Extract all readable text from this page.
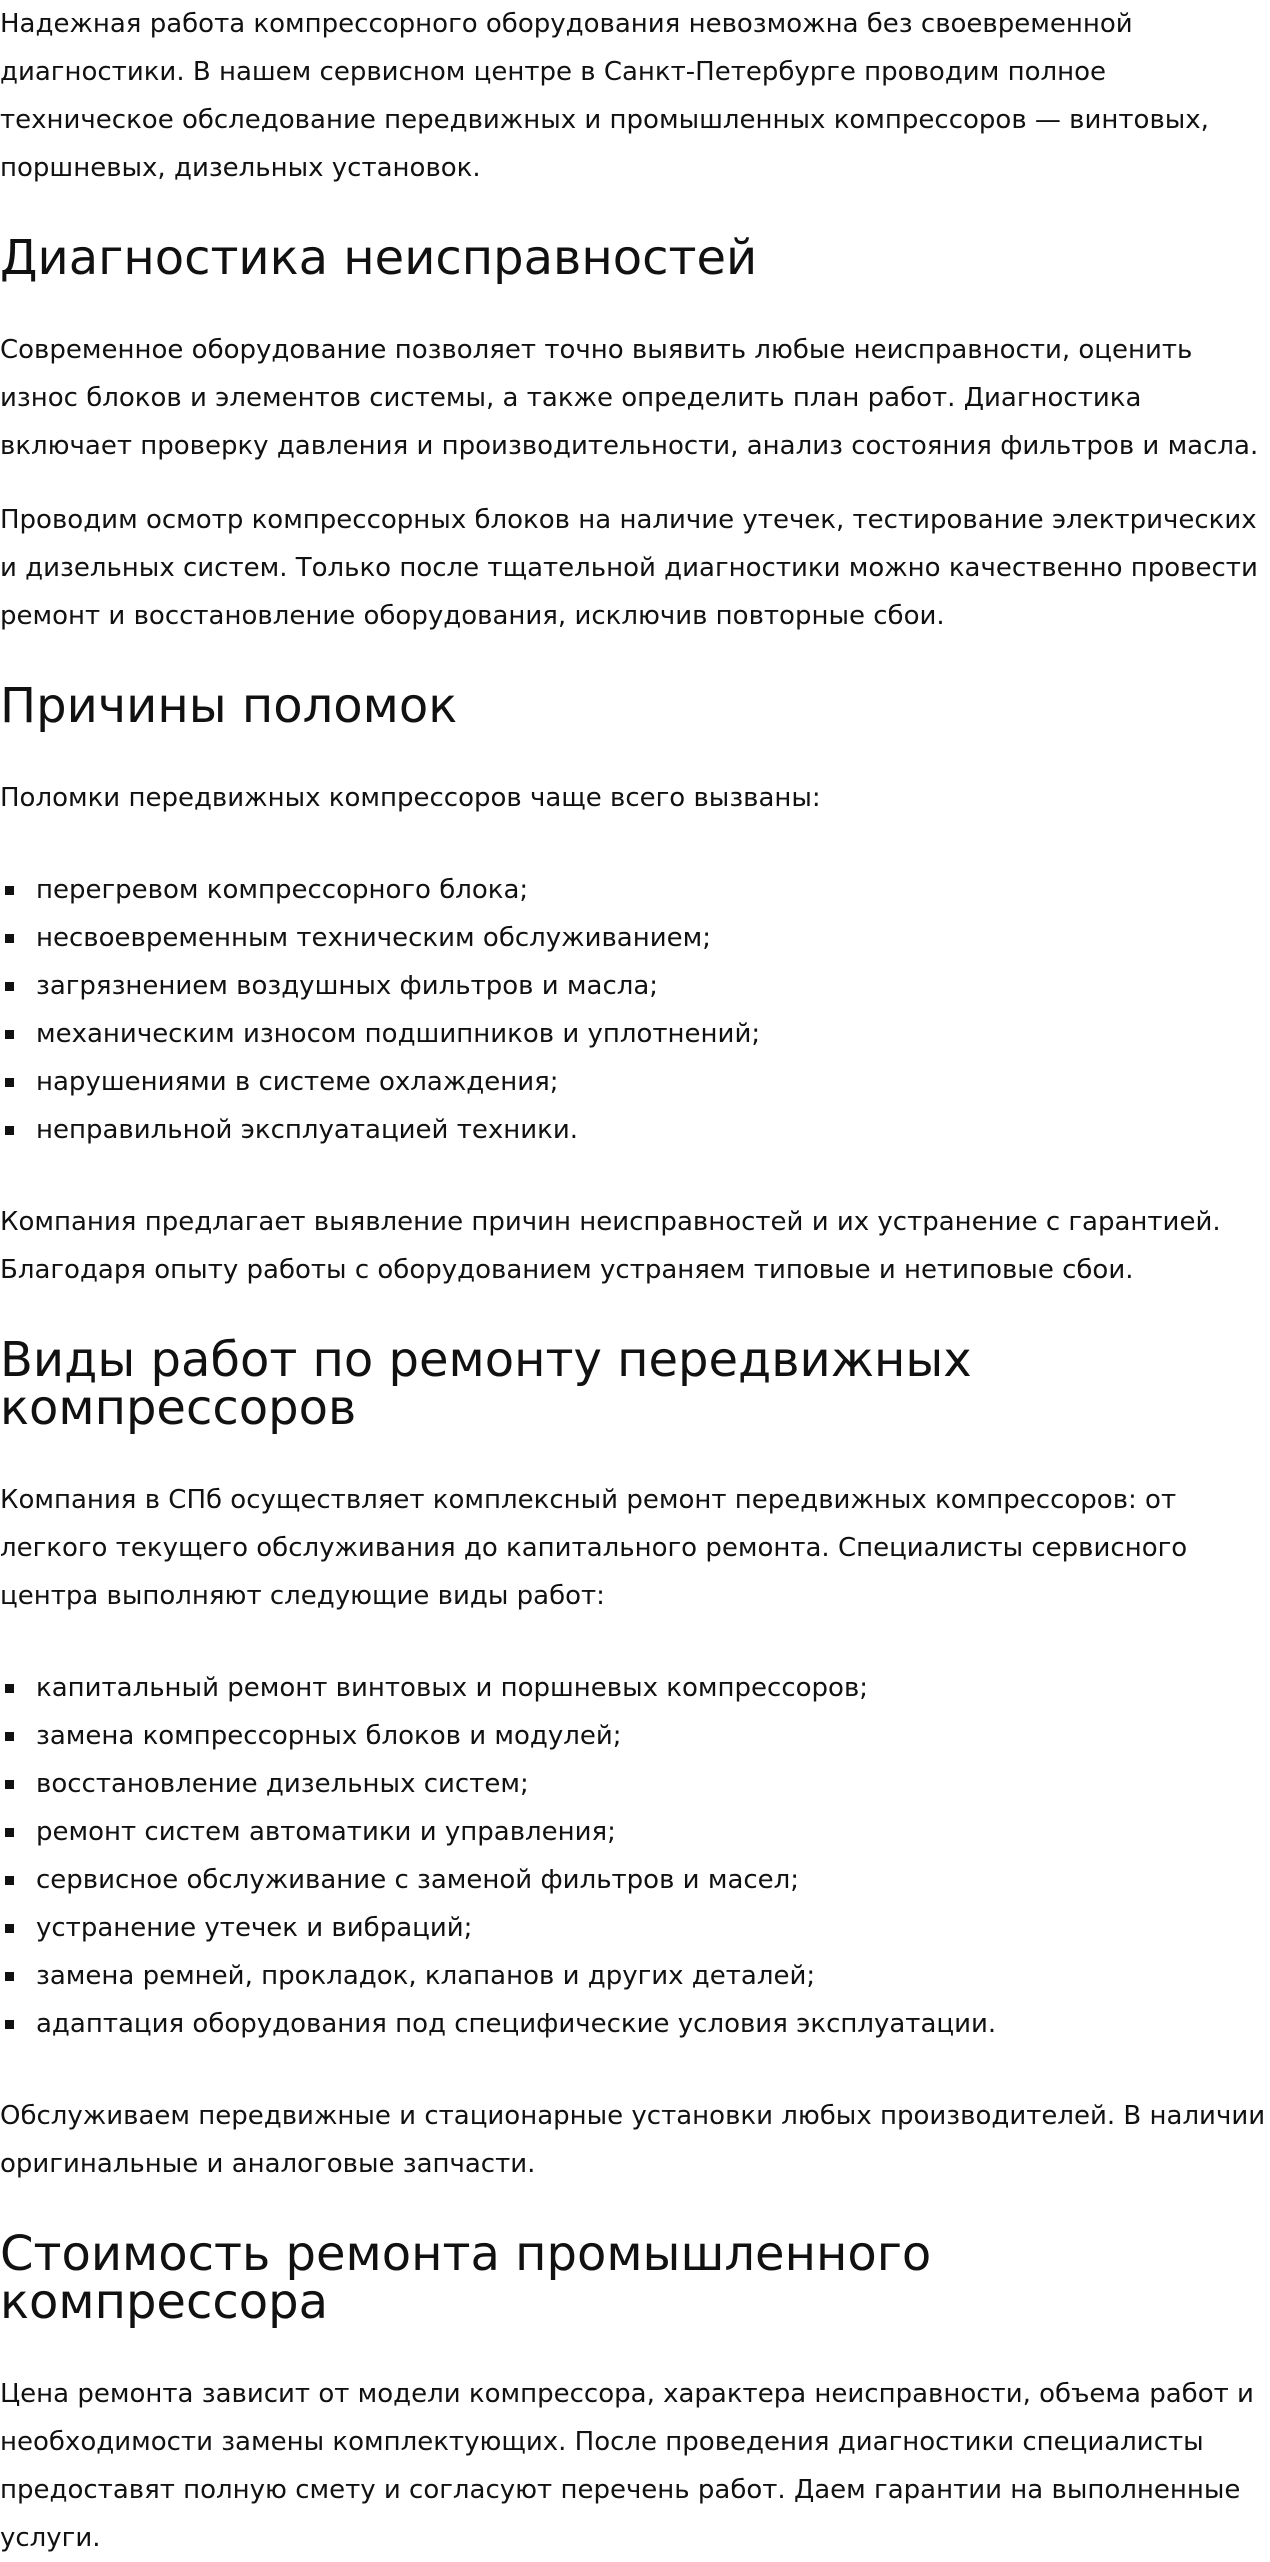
Надежная работа компрессорного оборудования невозможна без своевременной диагностики. В нашем сервисном центре в Санкт-Петербурге проводим полное техническое обследование передвижных и промышленных компрессоров — винтовых, поршневых, дизельных установок.

Диагностика неисправностей

Современное оборудование позволяет точно выявить любые неисправности, оценить износ блоков и элементов системы, а также определить план работ. Диагностика включает проверку давления и производительности, анализ состояния фильтров и масла.

Проводим осмотр компрессорных блоков на наличие утечек, тестирование электрических и дизельных систем. Только после тщательной диагностики можно качественно провести ремонт и восстановление оборудования, исключив повторные сбои.

Причины поломок

Поломки передвижных компрессоров чаще всего вызваны:

перегревом компрессорного блока;
несвоевременным техническим обслуживанием;
загрязнением воздушных фильтров и масла;
механическим износом подшипников и уплотнений;
нарушениями в системе охлаждения;
неправильной эксплуатацией техники.

Компания предлагает выявление причин неисправностей и их устранение с гарантией. Благодаря опыту работы с оборудованием устраняем типовые и нетиповые сбои.

Виды работ по ремонту передвижных компрессоров

Компания в СПб осуществляет комплексный ремонт передвижных компрессоров: от легкого текущего обслуживания до капитального ремонта. Специалисты сервисного центра выполняют следующие виды работ:

капитальный ремонт винтовых и поршневых компрессоров;
замена компрессорных блоков и модулей;
восстановление дизельных систем;
ремонт систем автоматики и управления;
сервисное обслуживание с заменой фильтров и масел;
устранение утечек и вибраций;
замена ремней, прокладок, клапанов и других деталей;
адаптация оборудования под специфические условия эксплуатации.

Обслуживаем передвижные и стационарные установки любых производителей. В наличии оригинальные и аналоговые запчасти.

Стоимость ремонта промышленного компрессора

Цена ремонта зависит от модели компрессора, характера неисправности, объема работ и необходимости замены комплектующих. После проведения диагностики специалисты предоставят полную смету и согласуют перечень работ. Даем гарантии на выполненные услуги.
